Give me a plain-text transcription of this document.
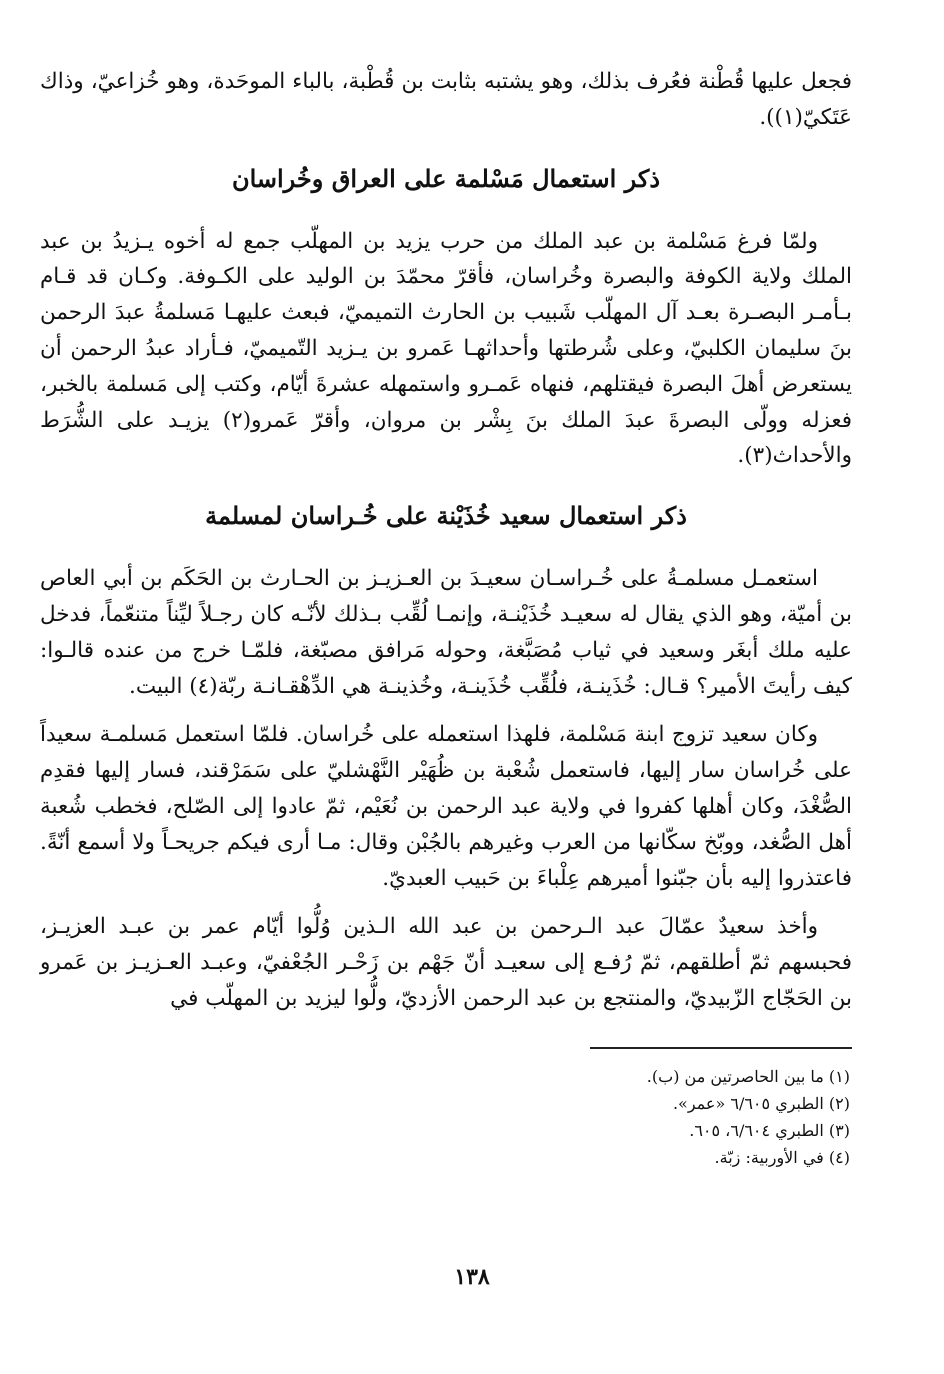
فجعل عليها قُطْنة فعُرف بذلك، وهو يشتبه بثابت بن قُطْبة، بالباء الموحَدة، وهو خُزاعيّ، وذاك عَتَكيّ(١)).

ذكر استعمال مَسْلمة على العراق وخُراسان

ولمّا فرغ مَسْلمة بن عبد الملك من حرب يزيد بن المهلّب جمع له أخوه يـزيدُ بن عبد الملك ولاية الكوفة والبصرة وخُراسان، فأقرّ محمّدَ بن الوليد على الكـوفة. وكـان قد قـام بـأمـر البصـرة بعـد آل المهلّب شَبيب بن الحارث التميميّ، فبعث عليهـا مَسلمةُ عبدَ الرحمن بنَ سليمان الكلبيّ، وعلى شُرطتها وأحداثهـا عَمرو بن يـزيد التّميميّ، فـأراد عبدُ الرحمن أن يستعرض أهلَ البصرة فيقتلهم، فنهاه عَمـرو واستمهله عشرةَ أيّام، وكتب إلى مَسلمة بالخبر، فعزله وولّى البصرةَ عبدَ الملك بنَ بِشْر بن مروان، وأقرّ عَمرو(٢) يزيـد على الشُّرَط والأحداث(٣).

ذكر استعمال سعيد خُذَيْنة على خُـراسان لمسلمة

استعمـل مسلمـةُ على خُـراسـان سعيـدَ بن العـزيـز بن الحـارث بن الحَكَم بن أبي العاص بن أميّة، وهو الذي يقال له سعيـد خُذَيْنـة، وإنمـا لُقِّب بـذلك لأنّـه كان رجـلاً ليِّناً متنعّماً، فدخل عليه ملك أبغَر وسعيد في ثياب مُصَبَّغة، وحوله مَرافق مصبّغة، فلمّـا خرج من عنده قالـوا: كيف رأيتَ الأمير؟ قـال: خُذَينـة، فلُقِّب خُذَينـة، وخُذينـة هي الدِّهْقـانـة ربّة(٤) البيت.

وكان سعيد تزوج ابنة مَسْلمة، فلهذا استعمله على خُراسان. فلمّا استعمل مَسلمـة سعيداً على خُراسان سار إليها، فاستعمل شُعْبة بن ظُهَيْر النَّهْشليّ على سَمَرْقند، فسار إليها فقدِم الصُّغْدَ، وكان أهلها كفروا في ولاية عبد الرحمن بن نُعَيْم، ثمّ عادوا إلى الصّلح، فخطب شُعبة أهل الصُّغد، ووبّخ سكّانها من العرب وغيرهم بالجُبْن وقال: مـا أرى فيكم جريحـاً ولا أسمع أنّةً. فاعتذروا إليه بأن جبّنوا أميرهم عِلْباءَ بن حَبيب العبديّ.

وأخذ سعيدٌ عمّالَ عبد الـرحمن بن عبد الله الـذين وُلُّوا أيّام عمر بن عبـد العزيـز، فحبسهم ثمّ أطلقهم، ثمّ رُفـع إلى سعيـد أنّ جَهْم بن زَحْـر الجُعْفيّ، وعبـد العـزيـز بن عَمرو بن الحَجّاج الزّبيديّ، والمنتجع بن عبد الرحمن الأزديّ، ولُّوا ليزيد بن المهلّب في

(١) ما بين الحاصرتين من (ب).
(٢) الطبري ٦/٦٠٥ «عمر».
(٣) الطبري ٦/٦٠٤، ٦٠٥.
(٤) في الأوربية: زبّة.
١٣٨
